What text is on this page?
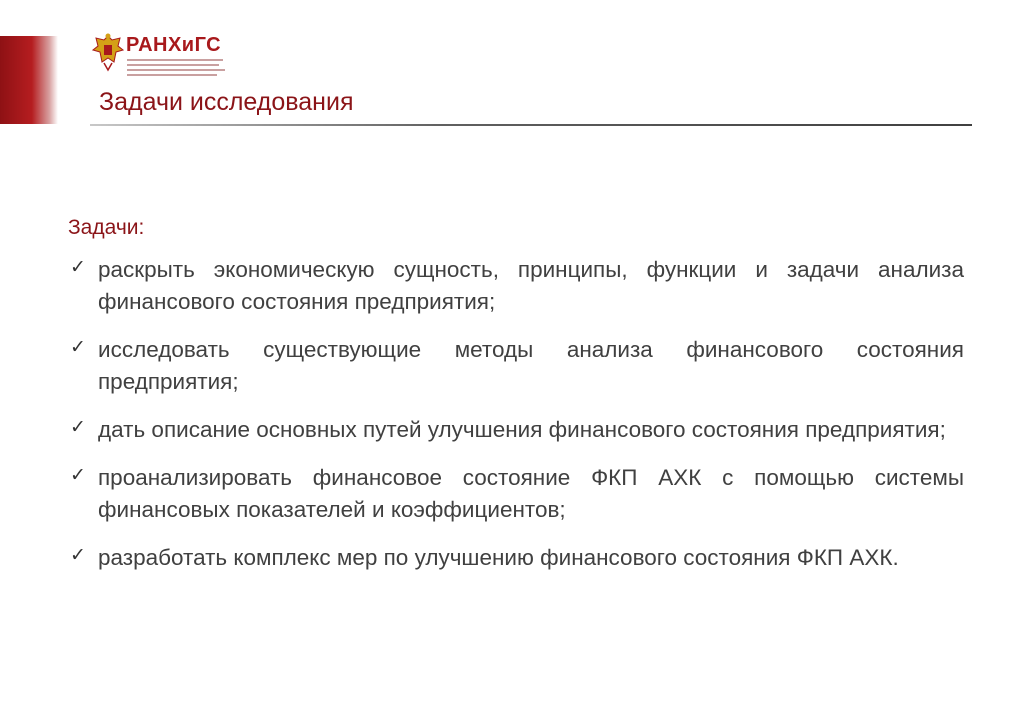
РАНХиГС
Задачи исследования
Задачи:
✓ раскрыть экономическую сущность, принципы, функции и задачи анализа финансового состояния предприятия;
✓ исследовать существующие методы анализа финансового состояния предприятия;
✓ дать описание основных путей улучшения финансового состояния предприятия;
✓ проанализировать финансовое состояние ФКП АХК с помощью системы финансовых показателей и коэффициентов;
✓ разработать комплекс мер по улучшению финансового состояния ФКП АХК.
